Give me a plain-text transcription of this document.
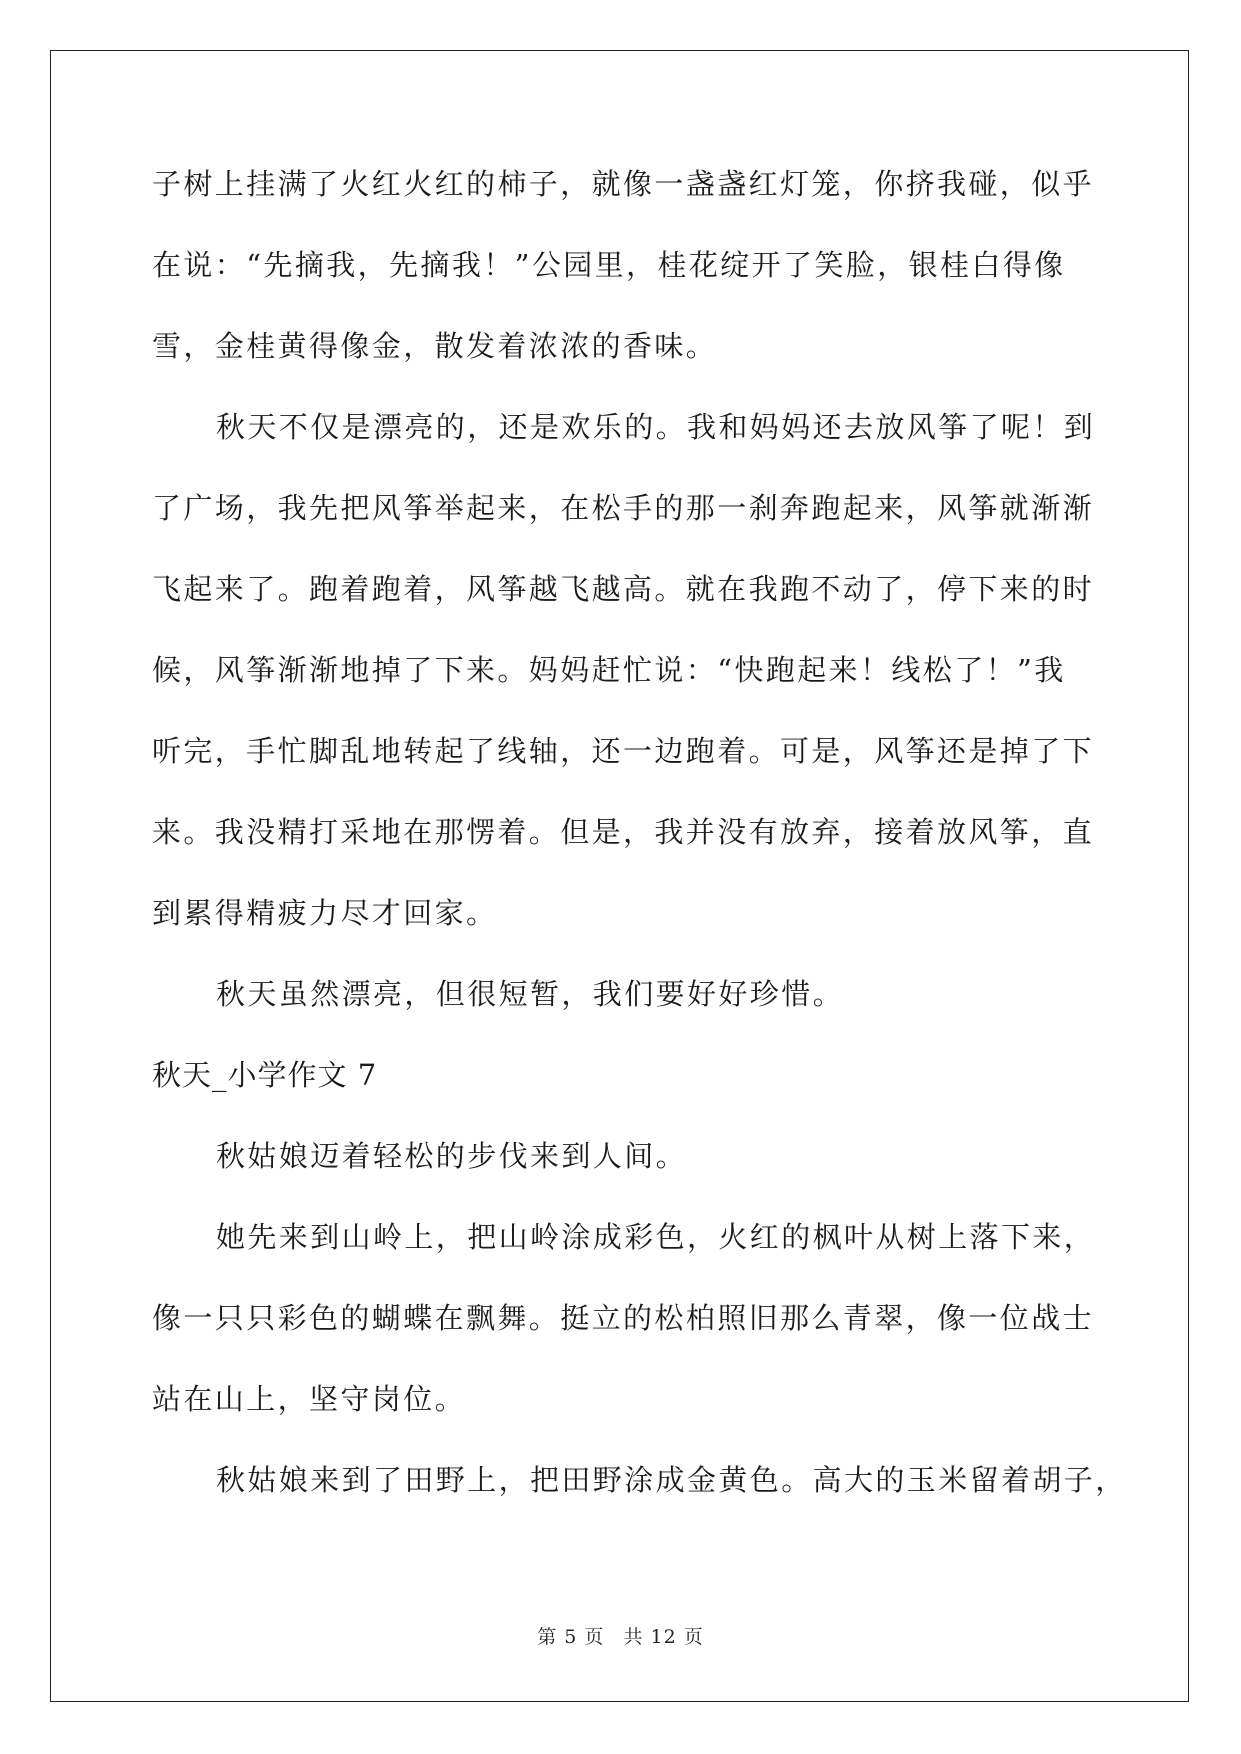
子树上挂满了火红火红的柿子，就像一盏盏红灯笼，你挤我碰，似乎
在说：“先摘我，先摘我！”公园里，桂花绽开了笑脸，银桂白得像
雪，金桂黄得像金，散发着浓浓的香味。
秋天不仅是漂亮的，还是欢乐的。我和妈妈还去放风筝了呢！到
了广场，我先把风筝举起来，在松手的那一刹奔跑起来，风筝就渐渐
飞起来了。跑着跑着，风筝越飞越高。就在我跑不动了，停下来的时
候，风筝渐渐地掉了下来。妈妈赶忙说：“快跑起来！线松了！”我
听完，手忙脚乱地转起了线轴，还一边跑着。可是，风筝还是掉了下
来。我没精打采地在那愣着。但是，我并没有放弃，接着放风筝，直
到累得精疲力尽才回家。
秋天虽然漂亮，但很短暂，我们要好好珍惜。
秋天_小学作文 7
秋姑娘迈着轻松的步伐来到人间。
她先来到山岭上，把山岭涂成彩色，火红的枫叶从树上落下来，
像一只只彩色的蝴蝶在飘舞。挺立的松柏照旧那么青翠，像一位战士
站在山上，坚守岗位。
秋姑娘来到了田野上，把田野涂成金黄色。高大的玉米留着胡子，
第 5 页 共 12 页
